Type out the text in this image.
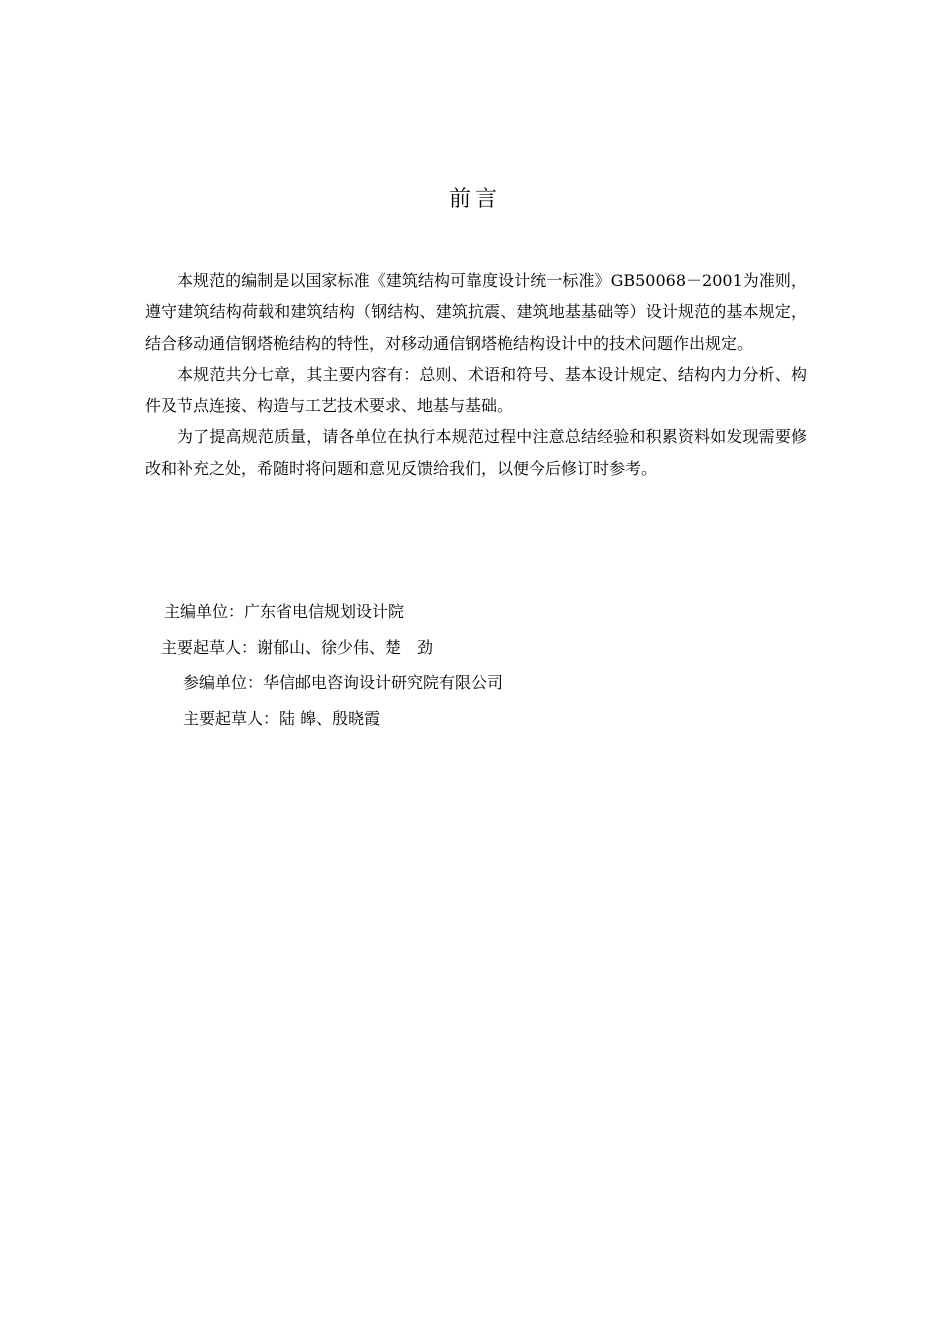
前言

本规范的编制是以国家标准《建筑结构可靠度设计统一标准》GB50068－2001为准则，遵守建筑结构荷载和建筑结构（钢结构、建筑抗震、建筑地基基础等）设计规范的基本规定，结合移动通信钢塔桅结构的特性，对移动通信钢塔桅结构设计中的技术问题作出规定。

本规范共分七章，其主要内容有：总则、术语和符号、基本设计规定、结构内力分析、构件及节点连接、构造与工艺技术要求、地基与基础。

为了提高规范质量，请各单位在执行本规范过程中注意总结经验和积累资料如发现需要修改和补充之处，希随时将问题和意见反馈给我们，以便今后修订时参考。

主编单位：广东省电信规划设计院
主要起草人：谢郁山、徐少伟、楚　劲
参编单位：华信邮电咨询设计研究院有限公司
主要起草人：陆 皞、殷晓霞
